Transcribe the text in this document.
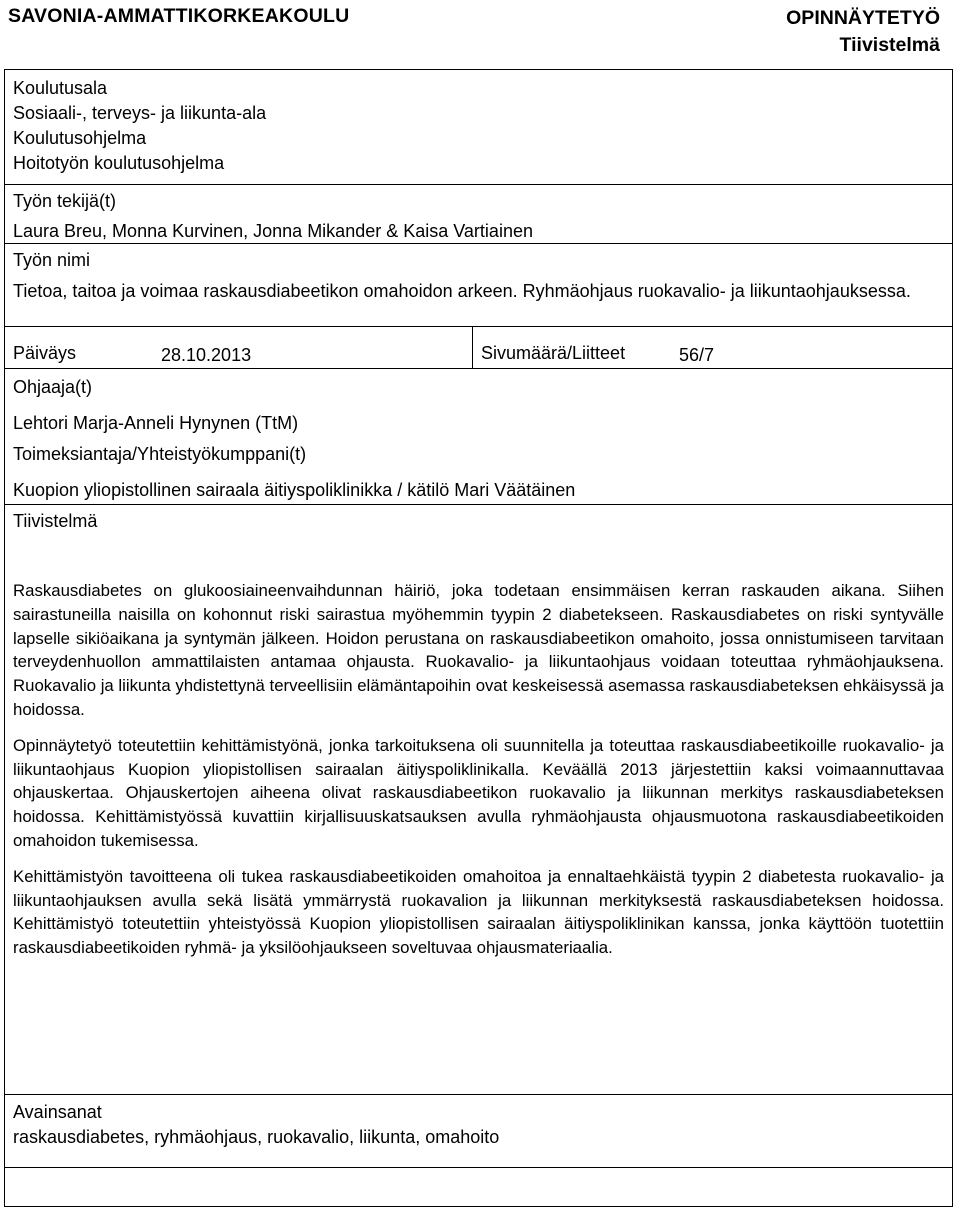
SAVONIA-AMMATTIKORKEAKOULU	OPINNÄYTETYÖ
Tiivistelmä
Koulutusala
Sosiaali-, terveys- ja liikunta-ala
Koulutusohjelma
Hoitotyön koulutusohjelma
Työn tekijä(t)
Laura Breu, Monna Kurvinen, Jonna Mikander & Kaisa Vartiainen
Työn nimi
Tietoa, taitoa ja voimaa raskausdiabeetikon omahoidon arkeen. Ryhmäohjaus ruokavalio- ja liikuntaohjauksessa.
Päiväys	28.10.2013	Sivumäärä/Liitteet	56/7
Ohjaaja(t)
Lehtori Marja-Anneli Hynynen (TtM)
Toimeksiantaja/Yhteistyökumppani(t)
Kuopion yliopistollinen sairaala äitiyspoliklinikka / kätilö Mari Väätäinen
Tiivistelmä

Raskausdiabetes on glukoosiaineenvaihdunnan häiriö, joka todetaan ensimmäisen kerran raskauden aikana. Siihen sairastuneilla naisilla on kohonnut riski sairastua myöhemmin tyypin 2 diabetekseen. Raskausdiabetes on riski syntyvälle lapselle sikiöaikana ja syntymän jälkeen. Hoidon perustana on raskausdiabeetikon omahoito, jossa onnistumiseen tarvitaan terveydenhuollon ammattilaisten antamaa ohjausta. Ruokavalio- ja liikuntaohjaus voidaan toteuttaa ryhmäohjauksena. Ruokavalio ja liikunta yhdistettynä terveellisiin elämäntapoihin ovat keskeisessä asemassa raskausdiabeteksen ehkäisyssä ja hoidossa.

Opinnäytetyö toteutettiin kehittämistyönä, jonka tarkoituksena oli suunnitella ja toteuttaa raskausdiabeetikoille ruokavalio- ja liikuntaohjaus Kuopion yliopistollisen sairaalan äitiyspoliklinikalla. Keväällä 2013 järjestettiin kaksi voimaannuttavaa ohjauskertaa. Ohjauskertojen aiheena olivat raskausdiabeetikon ruokavalio ja liikunnan merkitys raskausdiabeteksen hoidossa. Kehittämistyössä kuvattiin kirjallisuuskatsauksen avulla ryhmäohjausta ohjausmuotona raskausdiabeetikoiden omahoidon tukemisessa.

Kehittämistyön tavoitteena oli tukea raskausdiabeetikoiden omahoitoa ja ennaltaehkäistä tyypin 2 diabetesta ruokavalio- ja liikuntaohjauksen avulla sekä lisätä ymmärrystä ruokavalion ja liikunnan merkityksestä raskausdiabeteksen hoidossa. Kehittämistyö toteutettiin yhteistyössä Kuopion yliopistollisen sairaalan äitiyspoliklinikan kanssa, jonka käyttöön tuotettiin raskausdiabeetikoiden ryhmä- ja yksilöohjaukseen soveltuvaa ohjausmateriaalia.

Avainsanat
raskausdiabetes, ryhmäohjaus, ruokavalio, liikunta, omahoito
